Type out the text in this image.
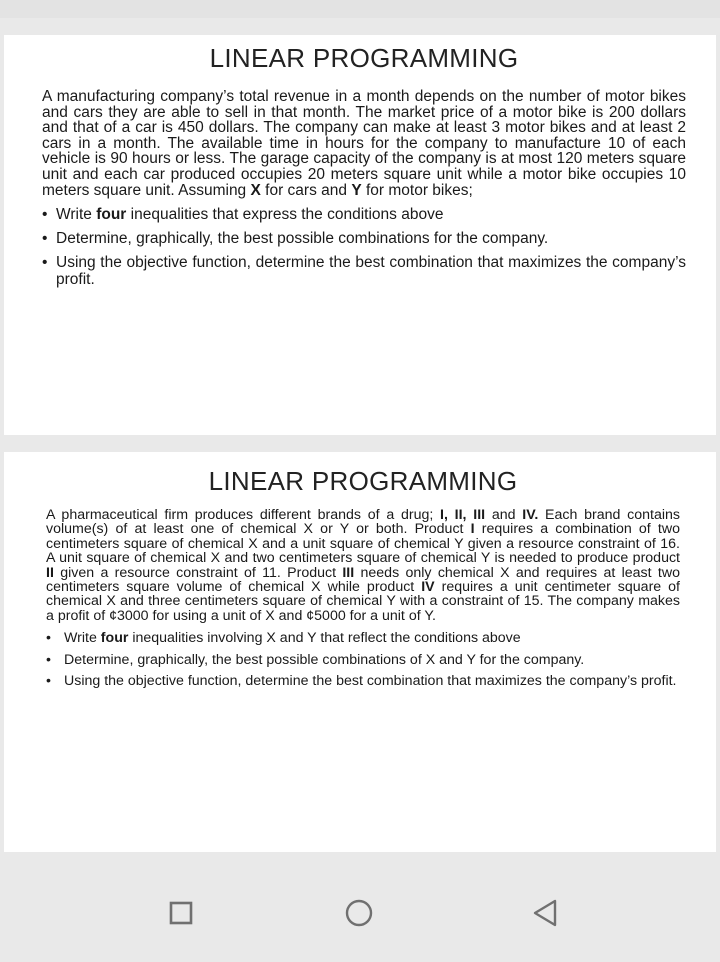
LINEAR PROGRAMMING

A manufacturing company’s total revenue in a month depends on the number of motor bikes and cars they are able to sell in that month. The market price of a motor bike is 200 dollars and that of a car is 450 dollars. The company can make at least 3 motor bikes and at least 2 cars in a month. The available time in hours for the company to manufacture 10 of each vehicle is 90 hours or less. The garage capacity of the company is at most 120 meters square unit and each car produced occupies 20 meters square unit while a motor bike occupies 10 meters square unit. Assuming X for cars and Y for motor bikes;

• Write four inequalities that express the conditions above
• Determine, graphically, the best possible combinations for the company.
• Using the objective function, determine the best combination that maximizes the company’s profit.
LINEAR PROGRAMMING

A pharmaceutical firm produces different brands of a drug; I, II, III and IV. Each brand contains volume(s) of at least one of chemical X or Y or both. Product I requires a combination of two centimeters square of chemical X and a unit square of chemical Y given a resource constraint of 16. A unit square of chemical X and two centimeters square of chemical Y is needed to produce product II given a resource constraint of 11. Product III needs only chemical X and requires at least two centimeters square volume of chemical X while product IV requires a unit centimeter square of chemical X and three centimeters square of chemical Y with a constraint of 15. The company makes a profit of ¢3000 for using a unit of X and ¢5000 for a unit of Y.

• Write four inequalities involving X and Y that reflect the conditions above
• Determine, graphically, the best possible combinations of X and Y for the company.
• Using the objective function, determine the best combination that maximizes the company’s profit.
